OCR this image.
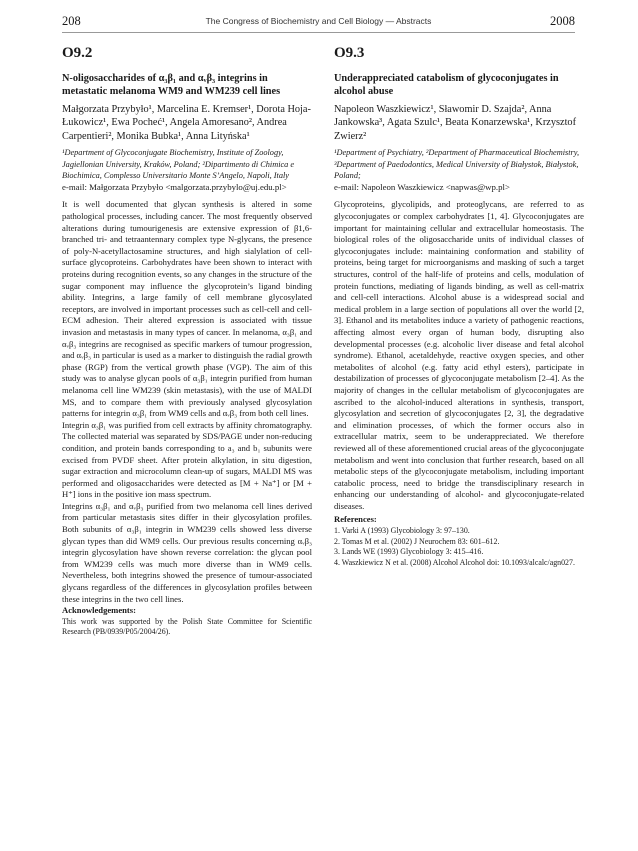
208	The Congress of Biochemistry and Cell Biology — Abstracts	2008
O9.2
N-oligosaccharides of α₃β₁ and αᵥβ₃ integrins in metastatic melanoma WM9 and WM239 cell lines
Małgorzata Przybyło¹, Marcelina E. Kremser¹, Dorota Hoja-Łukowicz¹, Ewa Pocheć¹, Angela Amoresano², Andrea Carpentieri², Monika Bubka¹, Anna Lityńska¹
¹Department of Glycoconjugate Biochemistry, Institute of Zoology, Jagiellonian University, Kraków, Poland; ²Dipartimento di Chimica e Biochimica, Complesso Universitario Monte S’Angelo, Napoli, Italy
e-mail: Małgorzata Przybyło <malgorzata.przybylo@uj.edu.pl>

It is well documented that glycan synthesis is altered in some pathological processes, including cancer. The most frequently observed alterations during tumourigenesis are extensive expression of β1,6-branched tri- and tetraantennary complex type N-glycans, the presence of poly-N-acetyllactosamine structures, and high sialylation of cell-surface glycoproteins. Carbohydrates have been shown to interact with proteins during recognition events, so any changes in the structure of the sugar component may influence the glycoprotein’s ligand binding ability. Integrins, a large family of cell membrane glycosylated receptors, are involved in important processes such as cell-cell and cell-ECM adhesion. Their altered expression is associated with tissue invasion and metastasis in many types of cancer. In melanoma, α₃β₁ and αᵥβ₃ integrins are recognised as specific markers of tumour progression, and αᵥβ₃ in particular is used as a marker to distinguish the radial growth phase (RGP) from the vertical growth phase (VGP). The aim of this study was to analyse glycan pools of α₃β₁ integrin purified from human melanoma cell line WM239 (skin metastasis), with the use of MALDI MS, and to compare them with previously analysed glycosylation patterns for integrin α₃β₁ from WM9 cells and αᵥβ₃ from both cell lines.

Integrin α₃β₁ was purified from cell extracts by affinity chromatography. The collected material was separated by SDS/PAGE under non-reducing condition, and protein bands corresponding to a₃ and b₁ subunits were excised from PVDF sheet. After protein alkylation, in situ digestion, sugar extraction and microcolumn clean-up of sugars, MALDI MS was performed and oligosaccharides were detected as [M + Na⁺] or [M + H⁺] ions in the positive ion mass spectrum.

Integrins α₃β₁ and αᵥβ₃ purified from two melanoma cell lines derived from particular metastasis sites differ in their glycosylation profiles. Both subunits of α₃β₁ integrin in WM239 cells showed less diverse glycan types than did WM9 cells. Our previous results concerning αᵥβ₃ integrin glycosylation have shown reverse correlation: the glycan pool from WM239 cells was much more diverse than in WM9 cells. Nevertheless, both integrins showed the presence of tumour-associated glycans regardless of the differences in glycosylation profiles between these integrins in the two cell lines.

Acknowledgements:
This work was supported by the Polish State Committee for Scientific Research (PB/0939/P05/2004/26).
O9.3
Underappreciated catabolism of glycoconjugates in alcohol abuse
Napoleon Waszkiewicz¹, Sławomir D. Szajda², Anna Jankowska³, Agata Szulc¹, Beata Konarzewska¹, Krzysztof Zwierz²
¹Department of Psychiatry, ²Department of Pharmaceutical Biochemistry, ³Department of Paedodontics, Medical University of Białystok, Białystok, Poland;
e-mail: Napoleon Waszkiewicz <napwas@wp.pl>

Glycoproteins, glycolipids, and proteoglycans, are referred to as glycoconjugates or complex carbohydrates [1, 4]. Glycoconjugates are important for maintaining cellular and extracellular homeostasis. The biological roles of the oligosaccharide units of individual classes of glycoconjugates include: maintaining conformation and stability of proteins, being target for microorganisms and masking of such a target structures, control of the half-life of proteins and cells, modulation of protein functions, mediating of ligands binding, as well as cell-matrix and cell-cell interactions. Alcohol abuse is a widespread social and medical problem in a large section of populations all over the world [2, 3]. Ethanol and its metabolites induce a variety of pathogenic reactions, affecting almost every organ of human body, disrupting also developmental processes (e.g. alcoholic liver disease and fetal alcohol syndrome). Ethanol, acetaldehyde, reactive oxygen species, and other metabolites of alcohol (e.g. fatty acid ethyl esters), participate in destabilization of processes of glycoconjugate metabolism [2–4]. As the majority of changes in the cellular metabolism of glycoconjugates are ascribed to the alcohol-induced alterations in synthesis, transport, glycosylation and secretion of glycoconjugates [2, 3], the degradative and elimination processes, of which the former occurs also in extracellular matrix, seem to be underappreciated. We therefore reviewed all of these aforementioned crucial areas of the glycoconjugate metabolism and went into conclusion that further research, based on all metabolic steps of the glycoconjugate metabolism, including important catabolic process, need to bridge the transdisciplinary research in enhancing our understanding of alcohol- and glycoconjugate-related diseases.

References:
1. Varki A (1993) Glycobiology 3: 97–130.
2. Tomas M et al. (2002) J Neurochem 83: 601–612.
3. Lands WE (1993) Glycobiology 3: 415–416.
4. Waszkiewicz N et al. (2008) Alcohol Alcohol doi: 10.1093/alcalc/agn027.
